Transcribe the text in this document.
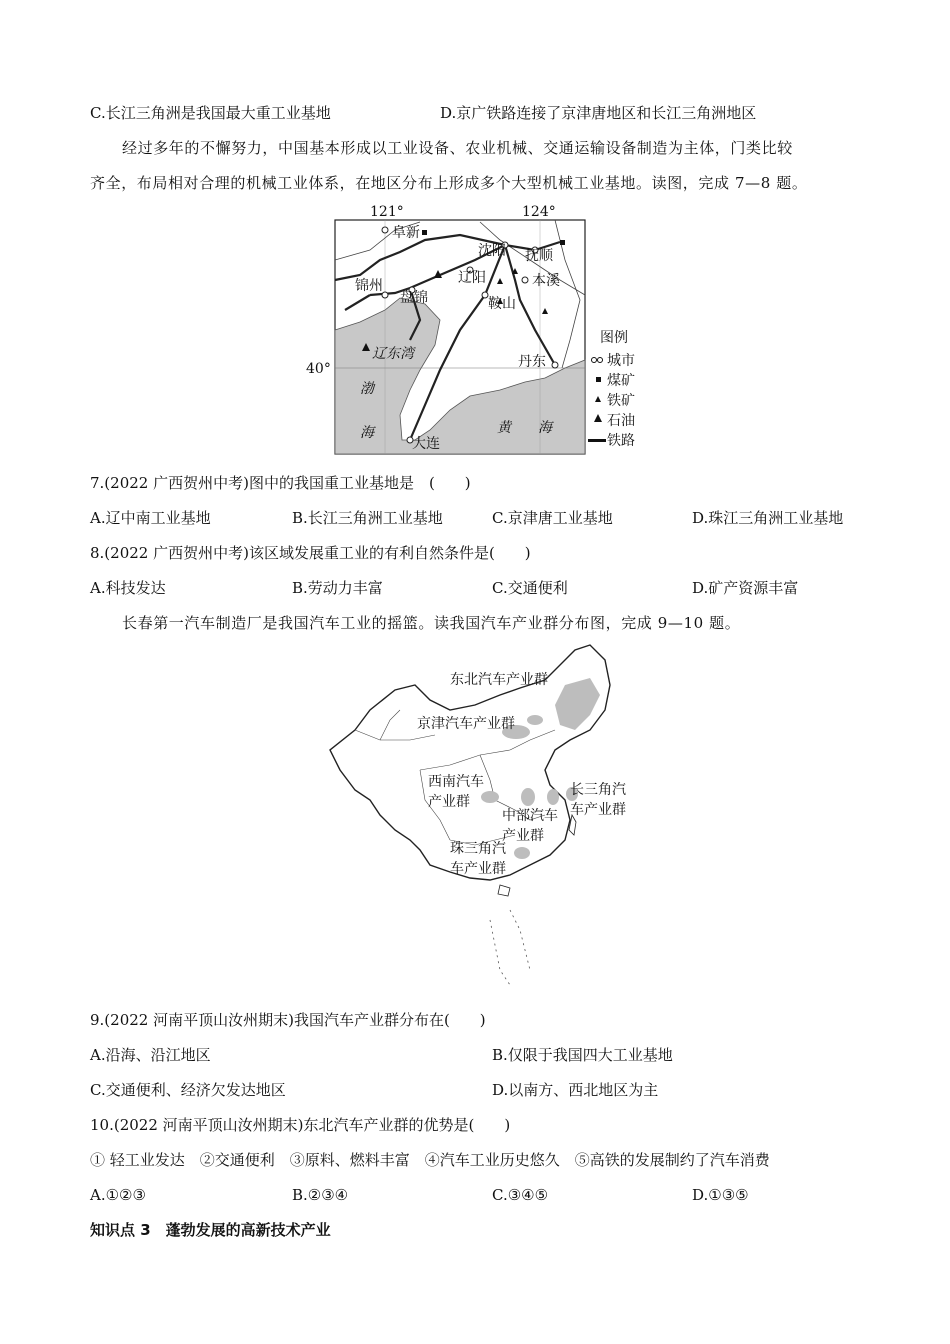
C.长江三角洲是我国最大重工业基地	D.京广铁路连接了京津唐地区和长江三角洲地区
经过多年的不懈努力，中国基本形成以工业设备、农业机械、交通运输设备制造为主体，门类比较
齐全，布局相对合理的机械工业体系，在地区分布上形成多个大型机械工业基地。读图，完成 7—8 题。
121°	124°
40°
阜新
沈阳 抚顺
锦州
盘锦
辽阳	本溪
鞍山
丹东
大连
辽东湾
渤
海	黄 海
图例
城市
煤矿
铁矿
石油
铁路
7.(2022 广西贺州中考)图中的我国重工业基地是　(　　)
A.辽中南工业基地	B.长江三角洲工业基地	C.京津唐工业基地	D.珠江三角洲工业基地
8.(2022 广西贺州中考)该区域发展重工业的有利自然条件是(　　)
A.科技发达	B.劳动力丰富	C.交通便利	D.矿产资源丰富
长春第一汽车制造厂是我国汽车工业的摇篮。读我国汽车产业群分布图，完成 9—10 题。
东北汽车产业群
京津汽车产业群
西南汽车
产业群
长三角汽
车产业群
中部汽车
产业群
珠三角汽
车产业群
9.(2022 河南平顶山汝州期末)我国汽车产业群分布在(　　)
A.沿海、沿江地区	B.仅限于我国四大工业基地
C.交通便利、经济欠发达地区	D.以南方、西北地区为主
10.(2022 河南平顶山汝州期末)东北汽车产业群的优势是(　　)
① 轻工业发达　②交通便利　③原料、燃料丰富　④汽车工业历史悠久　⑤高铁的发展制约了汽车消费
A.①②③	B.②③④	C.③④⑤	D.①③⑤
知识点 3　蓬勃发展的高新技术产业
